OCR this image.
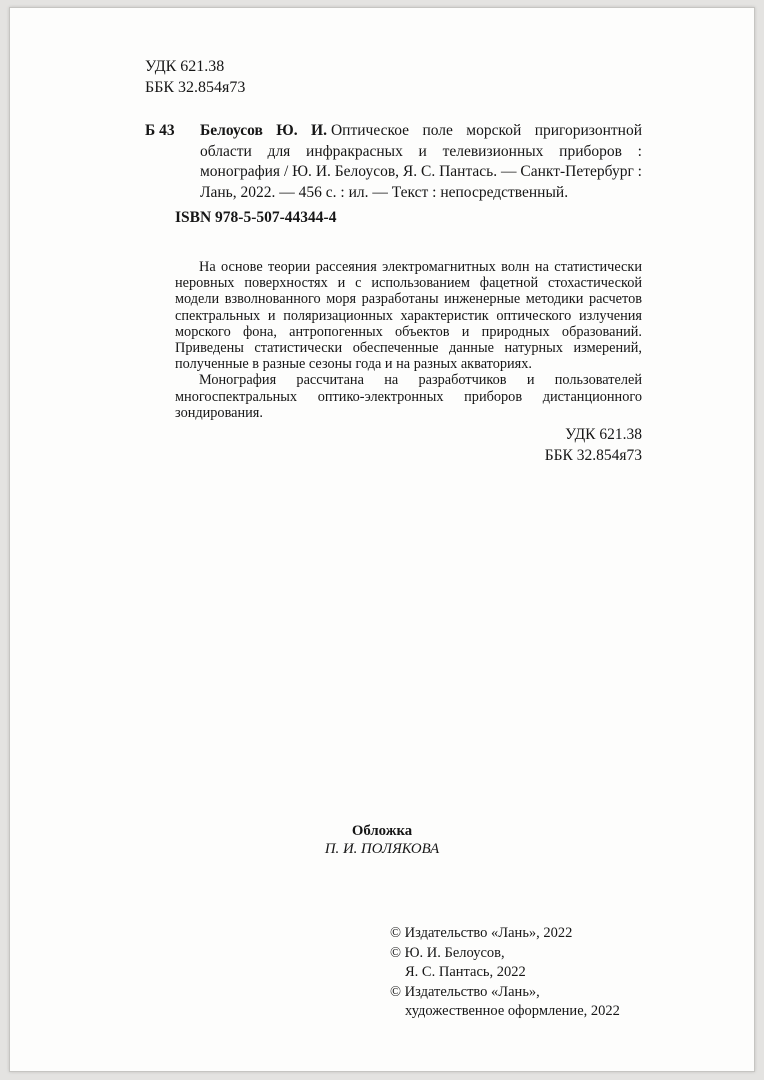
УДК 621.38
ББК 32.854я73
Б 43	Белоусов Ю. И. Оптическое поле морской пригоризонтной области для инфракрасных и телевизионных приборов : монография / Ю. И. Белоусов, Я. С. Пантась. — Санкт-Петербург : Лань, 2022. — 456 с. : ил. — Текст : непосредственный.

ISBN 978-5-507-44344-4

На основе теории рассеяния электромагнитных волн на статистически неровных поверхностях и с использованием фацетной стохастической модели взволнованного моря разработаны инженерные методики расчетов спектральных и поляризационных характеристик оптического излучения морского фона, антропогенных объектов и природных образований. Приведены статистически обеспеченные данные натурных измерений, полученные в разные сезоны года и на разных акваториях.

Монография рассчитана на разработчиков и пользователей многоспектральных оптико-электронных приборов дистанционного зондирования.

УДК 621.38
ББК 32.854я73
Обложка
П. И. ПОЛЯКОВА
© Издательство «Лань», 2022
© Ю. И. Белоусов,
Я. С. Пантась, 2022
© Издательство «Лань»,
художественное оформление, 2022
